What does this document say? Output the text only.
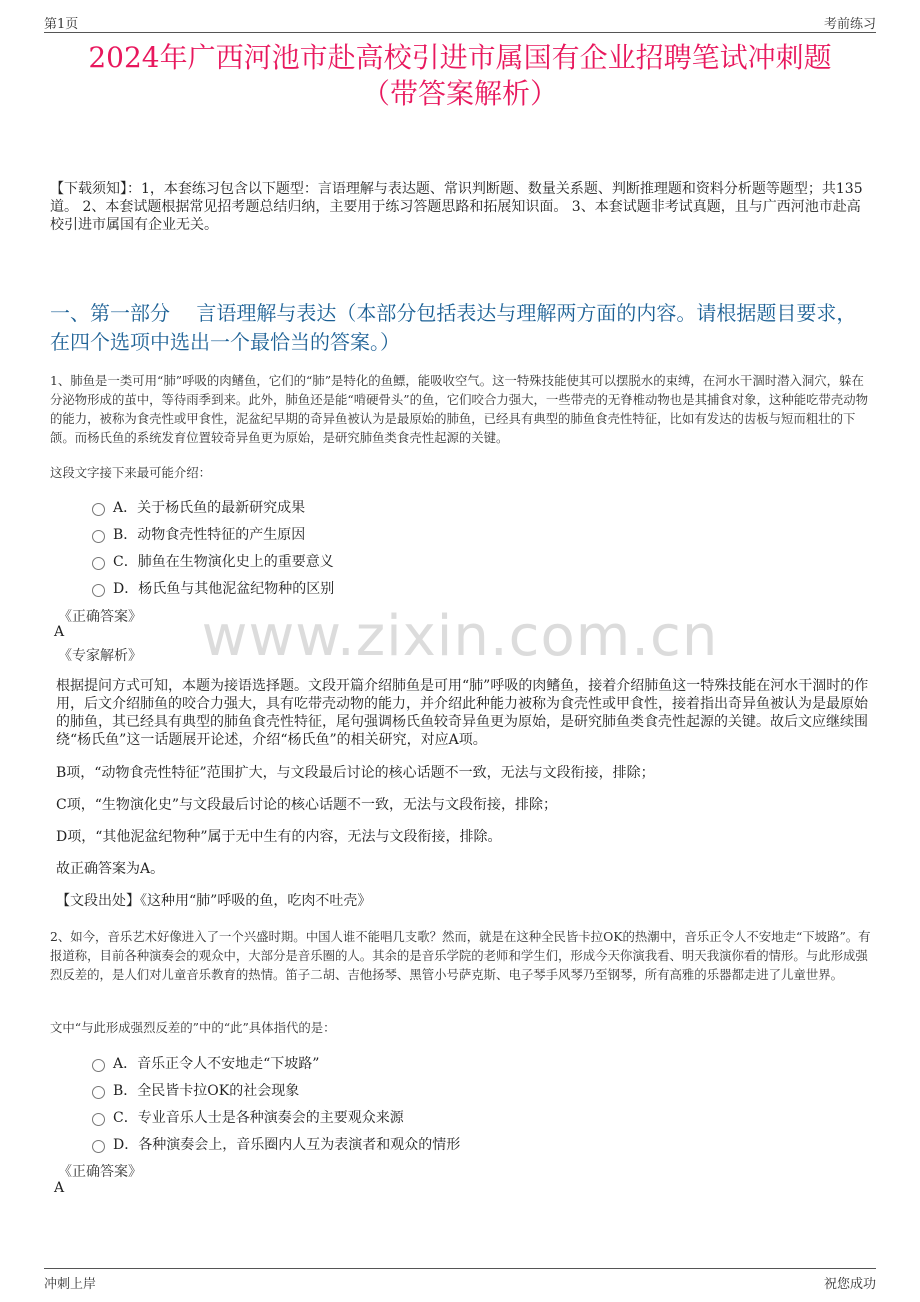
第1页	考前练习
2024年广西河池市赴高校引进市属国有企业招聘笔试冲刺题
（带答案解析）
【下载须知】：1，本套练习包含以下题型：言语理解与表达题、常识判断题、数量关系题、判断推理题和资料分析题等题型；共135道。 2、本套试题根据常见招考题总结归纳，主要用于练习答题思路和拓展知识面。 3、本套试题非考试真题，且与广西河池市赴高校引进市属国有企业无关。
一、第一部分　 言语理解与表达（本部分包括表达与理解两方面的内容。请根据题目要求，在四个选项中选出一个最恰当的答案。）
1、肺鱼是一类可用“肺”呼吸的肉鳍鱼，它们的“肺”是特化的鱼鳔，能吸收空气。这一特殊技能使其可以摆脱水的束缚，在河水干涸时潜入洞穴，躲在分泌物形成的茧中，等待雨季到来。此外，肺鱼还是能“啃硬骨头”的鱼，它们咬合力强大，一些带壳的无脊椎动物也是其捕食对象，这种能吃带壳动物的能力，被称为食壳性或甲食性，泥盆纪早期的奇异鱼被认为是最原始的肺鱼，已经具有典型的肺鱼食壳性特征，比如有发达的齿板与短而粗壮的下颌。而杨氏鱼的系统发育位置较奇异鱼更为原始，是研究肺鱼类食壳性起源的关键。
这段文字接下来最可能介绍：
A．关于杨氏鱼的最新研究成果
B．动物食壳性特征的产生原因
C．肺鱼在生物演化史上的重要意义
D．杨氏鱼与其他泥盆纪物种的区别
《正确答案》
A
《专家解析》	www.zixin.com.cn
根据提问方式可知，本题为接语选择题。文段开篇介绍肺鱼是可用“肺”呼吸的肉鳍鱼，接着介绍肺鱼这一特殊技能在河水干涸时的作用，后文介绍肺鱼的咬合力强大，具有吃带壳动物的能力，并介绍此种能力被称为食壳性或甲食性，接着指出奇异鱼被认为是最原始的肺鱼，其已经具有典型的肺鱼食壳性特征，尾句强调杨氏鱼较奇异鱼更为原始，是研究肺鱼类食壳性起源的关键。故后文应继续围绕“杨氏鱼”这一话题展开论述，介绍“杨氏鱼”的相关研究，对应A项。
B项，“动物食壳性特征”范围扩大，与文段最后讨论的核心话题不一致，无法与文段衔接，排除；
C项，“生物演化史”与文段最后讨论的核心话题不一致，无法与文段衔接，排除；
D项，“其他泥盆纪物种”属于无中生有的内容，无法与文段衔接，排除。
故正确答案为A。
【文段出处】《这种用“肺”呼吸的鱼，吃肉不吐壳》
2、如今，音乐艺术好像进入了一个兴盛时期。中国人谁不能唱几支歌？然而，就是在这种全民皆卡拉OK的热潮中，音乐正令人不安地走“下坡路”。有报道称，目前各种演奏会的观众中，大部分是音乐圈的人。其余的是音乐学院的老师和学生们，形成今天你演我看、明天我演你看的情形。与此形成强烈反差的，是人们对儿童音乐教育的热情。笛子二胡、吉他扬琴、黑管小号萨克斯、电子琴手风琴乃至钢琴，所有高雅的乐器都走进了儿童世界。
文中“与此形成强烈反差的”中的“此”具体指代的是：
A．音乐正令人不安地走“下坡路”
B．全民皆卡拉OK的社会现象
C．专业音乐人士是各种演奏会的主要观众来源
D．各种演奏会上，音乐圈内人互为表演者和观众的情形
《正确答案》
A
冲刺上岸	祝您成功
